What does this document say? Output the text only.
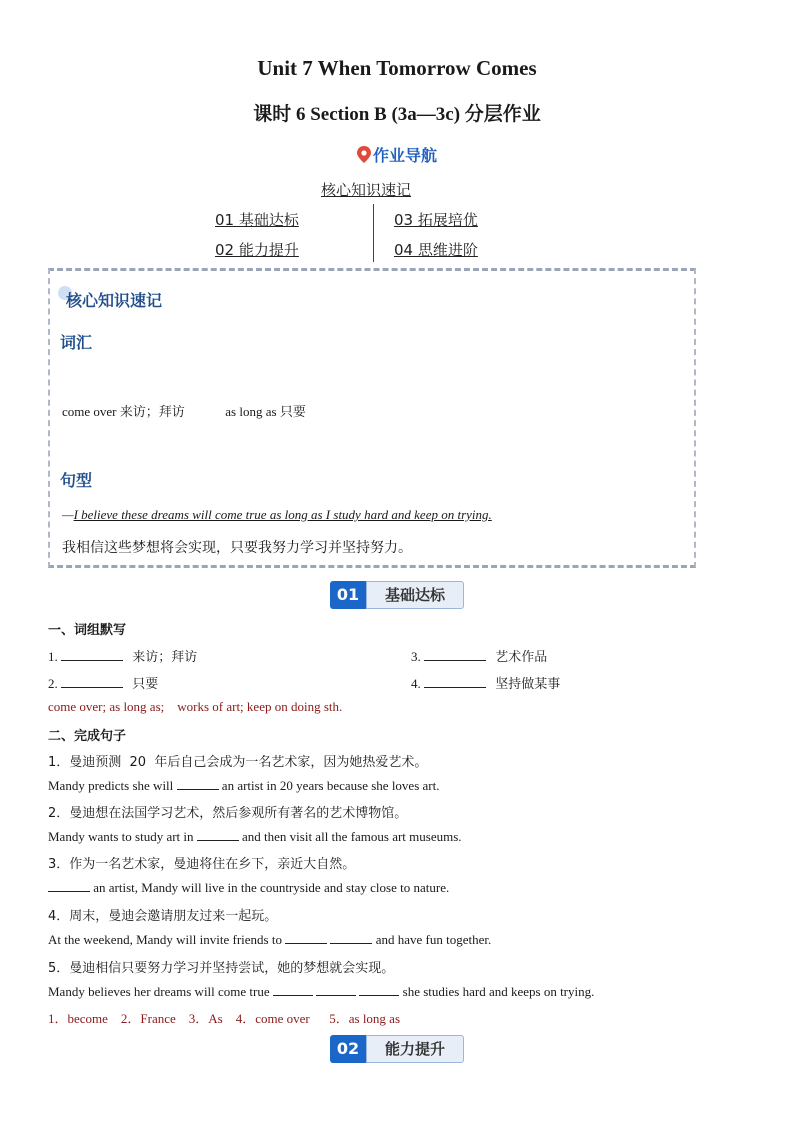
Unit 7 When Tomorrow Comes
课时 6 Section B (3a—3c) 分层作业
作业导航
核心知识速记
01 基础达标
02 能力提升
03 拓展培优
04 思维进阶
核心知识速记
词汇
come over 来访；拜访	as long as 只要
句型
—I believe these dreams will come true as long as I study hard and keep on trying.
我相信这些梦想将会实现，只要我努力学习并坚持努力。
01	基础达标
一、词组默写
1.	来访；拜访	3.	艺术作品
2.	只要	4.	坚持做某事
come over; as long as;    works of art; keep on doing sth.
二、完成句子
1．曼迪预测  20  年后自己会成为一名艺术家，因为她热爱艺术。
Mandy predicts she will	an artist in 20 years because she loves art.
2．曼迪想在法国学习艺术，然后参观所有著名的艺术博物馆。
Mandy wants to study art in	and then visit all the famous art museums.
3．作为一名艺术家，曼迪将住在乡下，亲近大自然。
an artist, Mandy will live in the countryside and stay close to nature.
4．周末，曼迪会邀请朋友过来一起玩。
At the weekend, Mandy will invite friends to	and have fun together.
5．曼迪相信只要努力学习并坚持尝试，她的梦想就会实现。
Mandy believes her dreams will come true	she studies hard and keeps on trying.
1．become    2．France    3．As    4．come over      5．as long as
02	能力提升
